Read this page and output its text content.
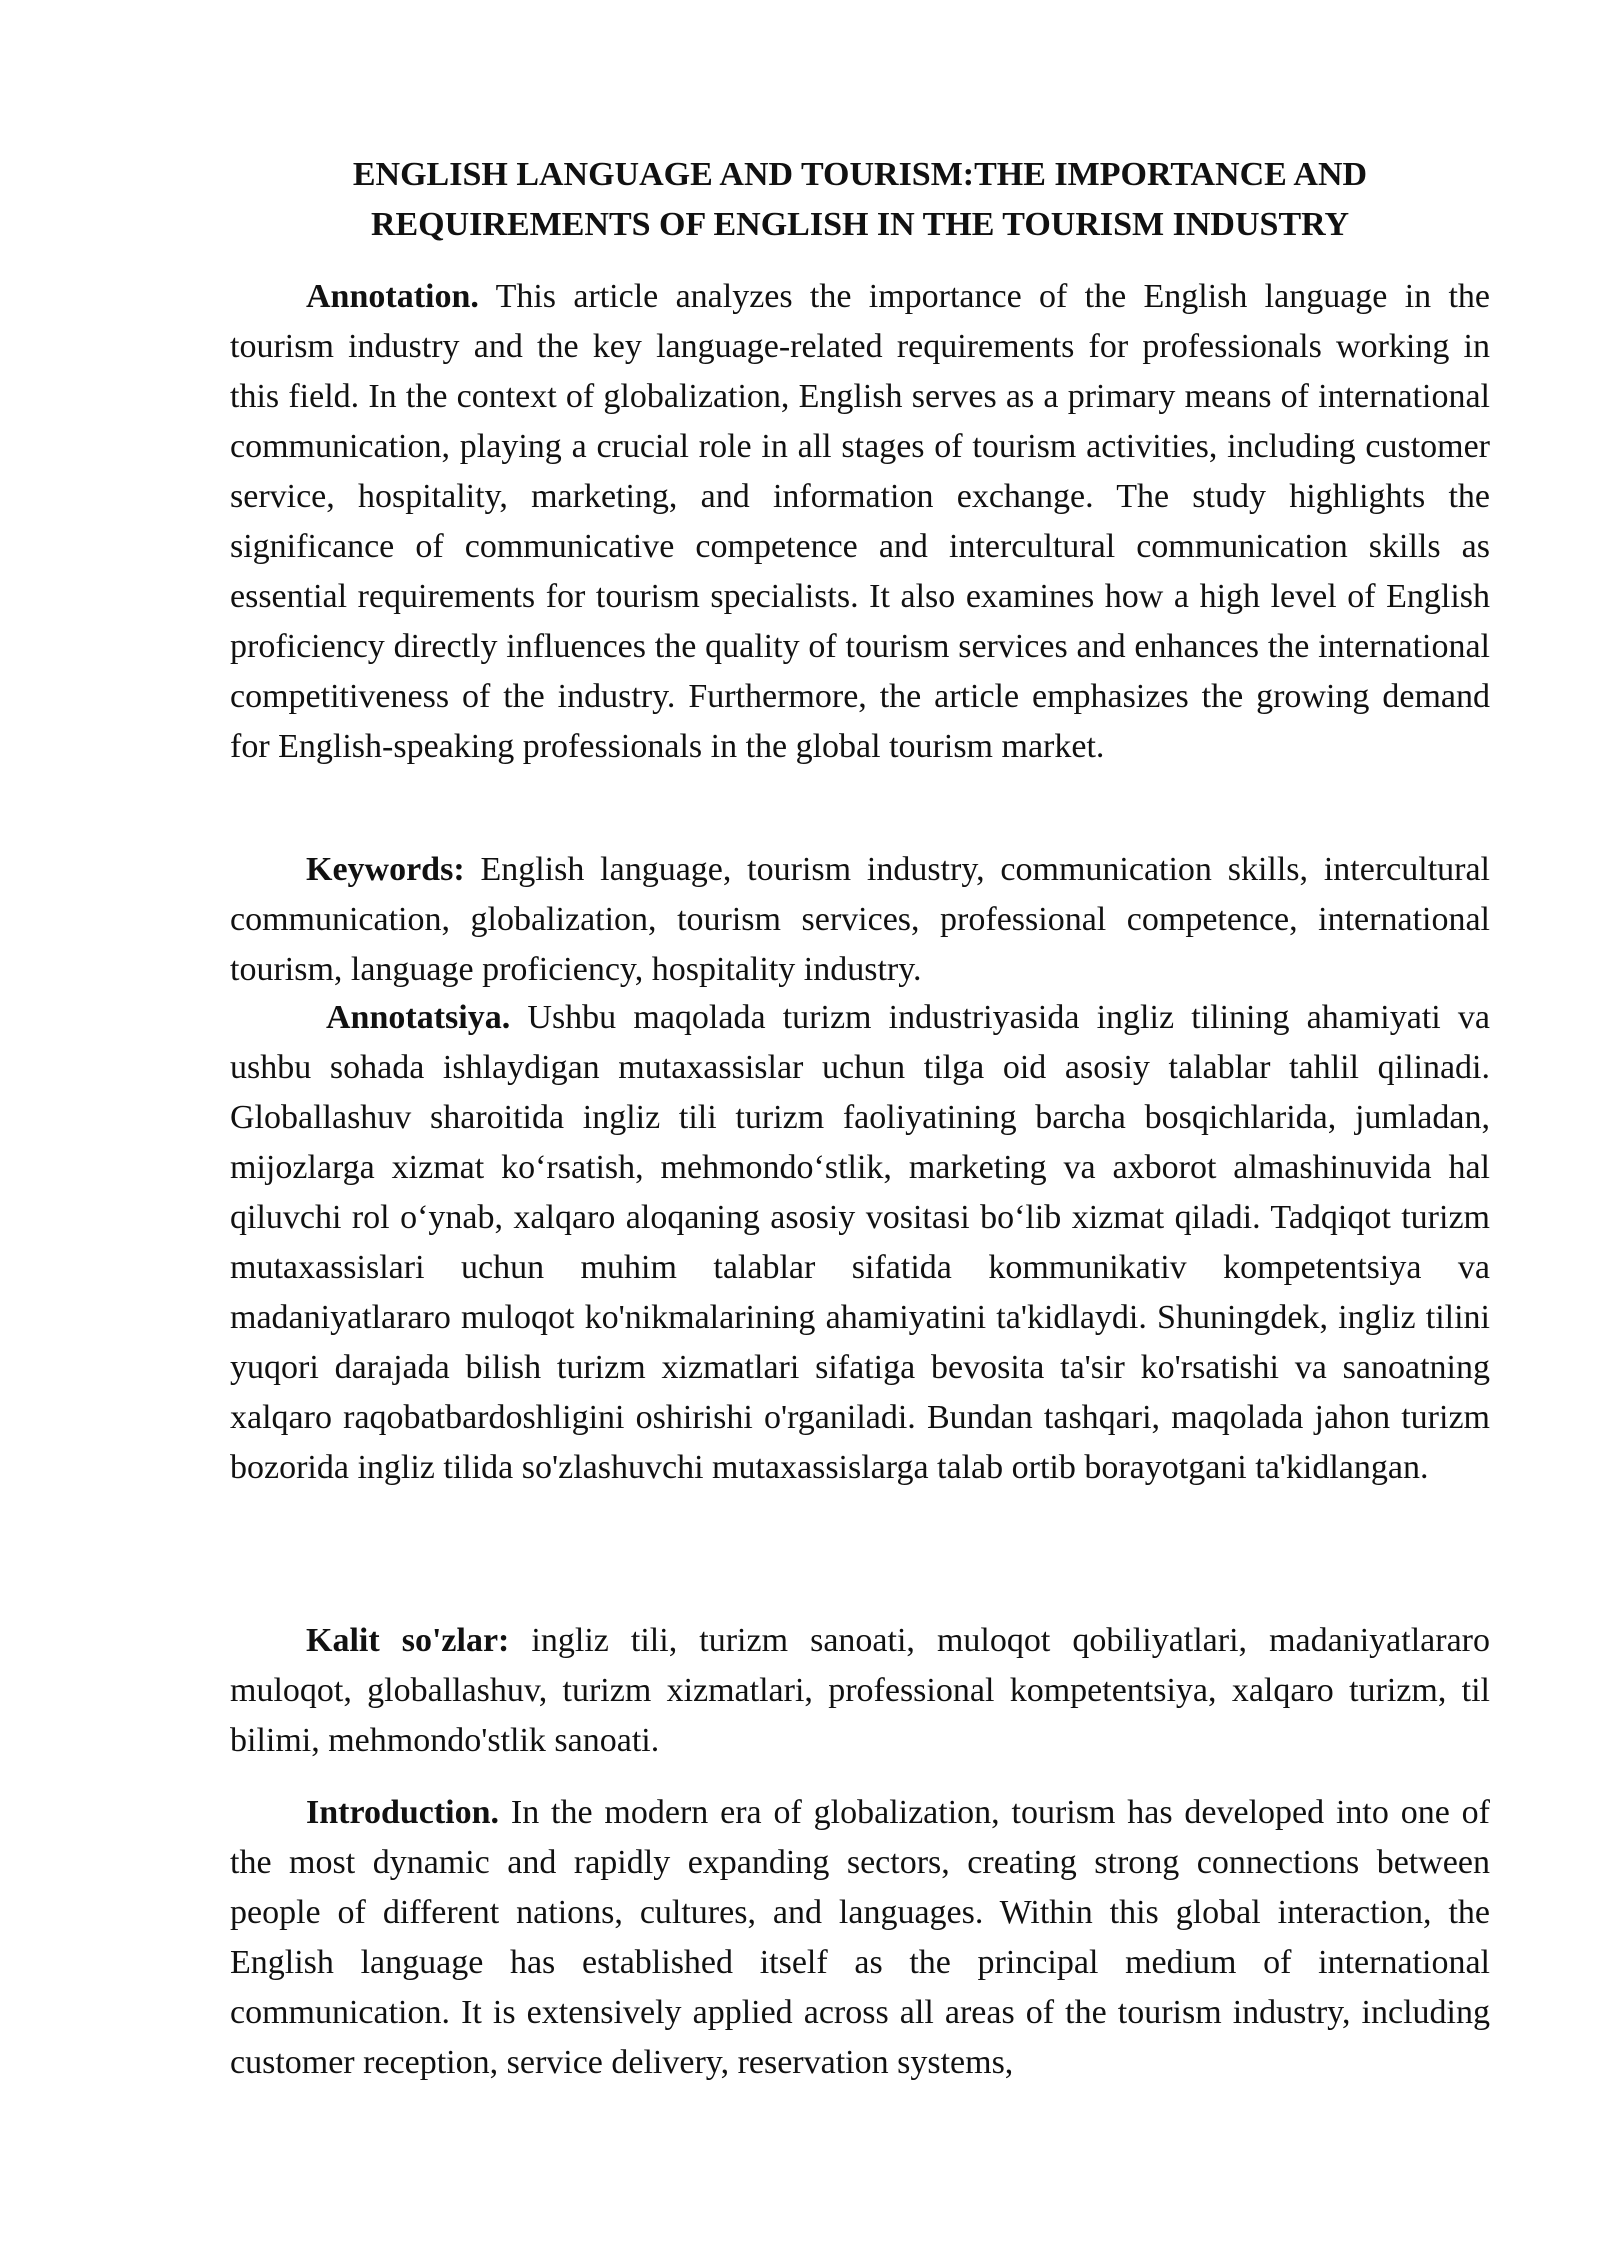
ENGLISH LANGUAGE AND TOURISM:THE IMPORTANCE AND
REQUIREMENTS OF ENGLISH IN THE TOURISM INDUSTRY

Annotation. This article analyzes the importance of the English language in the tourism industry and the key language-related requirements for professionals working in this field. In the context of globalization, English serves as a primary means of international communication, playing a crucial role in all stages of tourism activities, including customer service, hospitality, marketing, and information exchange. The study highlights the significance of communicative competence and intercultural communication skills as essential requirements for tourism specialists. It also examines how a high level of English proficiency directly influences the quality of tourism services and enhances the international competitiveness of the industry. Furthermore, the article emphasizes the growing demand for English-speaking professionals in the global tourism market.

Keywords: English language, tourism industry, communication skills, intercultural communication, globalization, tourism services, professional competence, international tourism, language proficiency, hospitality industry.

Annotatsiya. Ushbu maqolada turizm industriyasida ingliz tilining ahamiyati va ushbu sohada ishlaydigan mutaxassislar uchun tilga oid asosiy talablar tahlil qilinadi. Globallashuv sharoitida ingliz tili turizm faoliyatining barcha bosqichlarida, jumladan, mijozlarga xizmat ko‘rsatish, mehmondo‘stlik, marketing va axborot almashinuvida hal qiluvchi rol o‘ynab, xalqaro aloqaning asosiy vositasi bo‘lib xizmat qiladi. Tadqiqot turizm mutaxassislari uchun muhim talablar sifatida kommunikativ kompetentsiya va madaniyatlararo muloqot ko'nikmalarining ahamiyatini ta'kidlaydi. Shuningdek, ingliz tilini yuqori darajada bilish turizm xizmatlari sifatiga bevosita ta'sir ko'rsatishi va sanoatning xalqaro raqobatbardoshligini oshirishi o'rganiladi. Bundan tashqari, maqolada jahon turizm bozorida ingliz tilida so'zlashuvchi mutaxassislarga talab ortib borayotgani ta'kidlangan.

Kalit so'zlar: ingliz tili, turizm sanoati, muloqot qobiliyatlari, madaniyatlararo muloqot, globallashuv, turizm xizmatlari, professional kompetentsiya, xalqaro turizm, til bilimi, mehmondo'stlik sanoati.

Introduction. In the modern era of globalization, tourism has developed into one of the most dynamic and rapidly expanding sectors, creating strong connections between people of different nations, cultures, and languages. Within this global interaction, the English language has established itself as the principal medium of international communication. It is extensively applied across all areas of the tourism industry, including customer reception, service delivery, reservation systems,
